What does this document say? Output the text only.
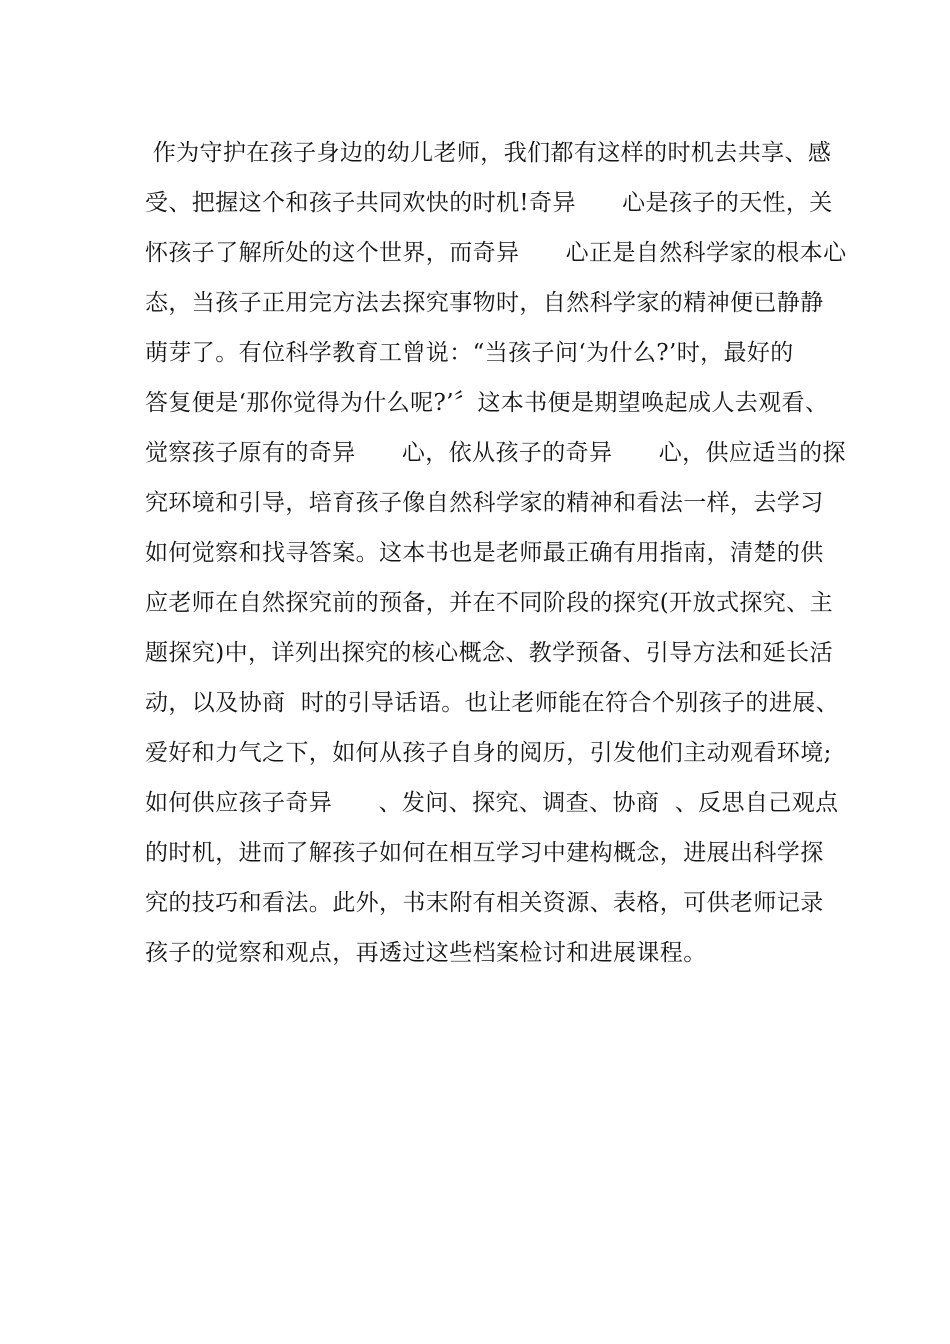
作为守护在孩子身边的幼儿老师，我们都有这样的时机去共享、感
受、把握这个和孩子共同欢快的时机!奇异      心是孩子的天性，关
怀孩子了解所处的这个世界，而奇异      心正是自然科学家的根本心
态，当孩子正用完方法去探究事物时，自然科学家的精神便已静静
萌芽了。有位科学教育工曾说：“当孩子问‘为什么?’时，最好的
答复便是‘那你觉得为什么呢?’〞这本书便是期望唤起成人去观看、
觉察孩子原有的奇异      心，依从孩子的奇异      心，供应适当的探
究环境和引导，培育孩子像自然科学家的精神和看法一样，去学习
如何觉察和找寻答案。这本书也是老师最正确有用指南，清楚的供
应老师在自然探究前的预备，并在不同阶段的探究(开放式探究、主
题探究)中，详列出探究的核心概念、教学预备、引导方法和延长活
动，以及协商  时的引导话语。也让老师能在符合个别孩子的进展、
爱好和力气之下，如何从孩子自身的阅历，引发他们主动观看环境;
如何供应孩子奇异      、发问、探究、调查、协商  、反思自己观点
的时机，进而了解孩子如何在相互学习中建构概念，进展出科学探
究的技巧和看法。此外，书末附有相关资源、表格，可供老师记录
孩子的觉察和观点，再透过这些档案检讨和进展课程。
